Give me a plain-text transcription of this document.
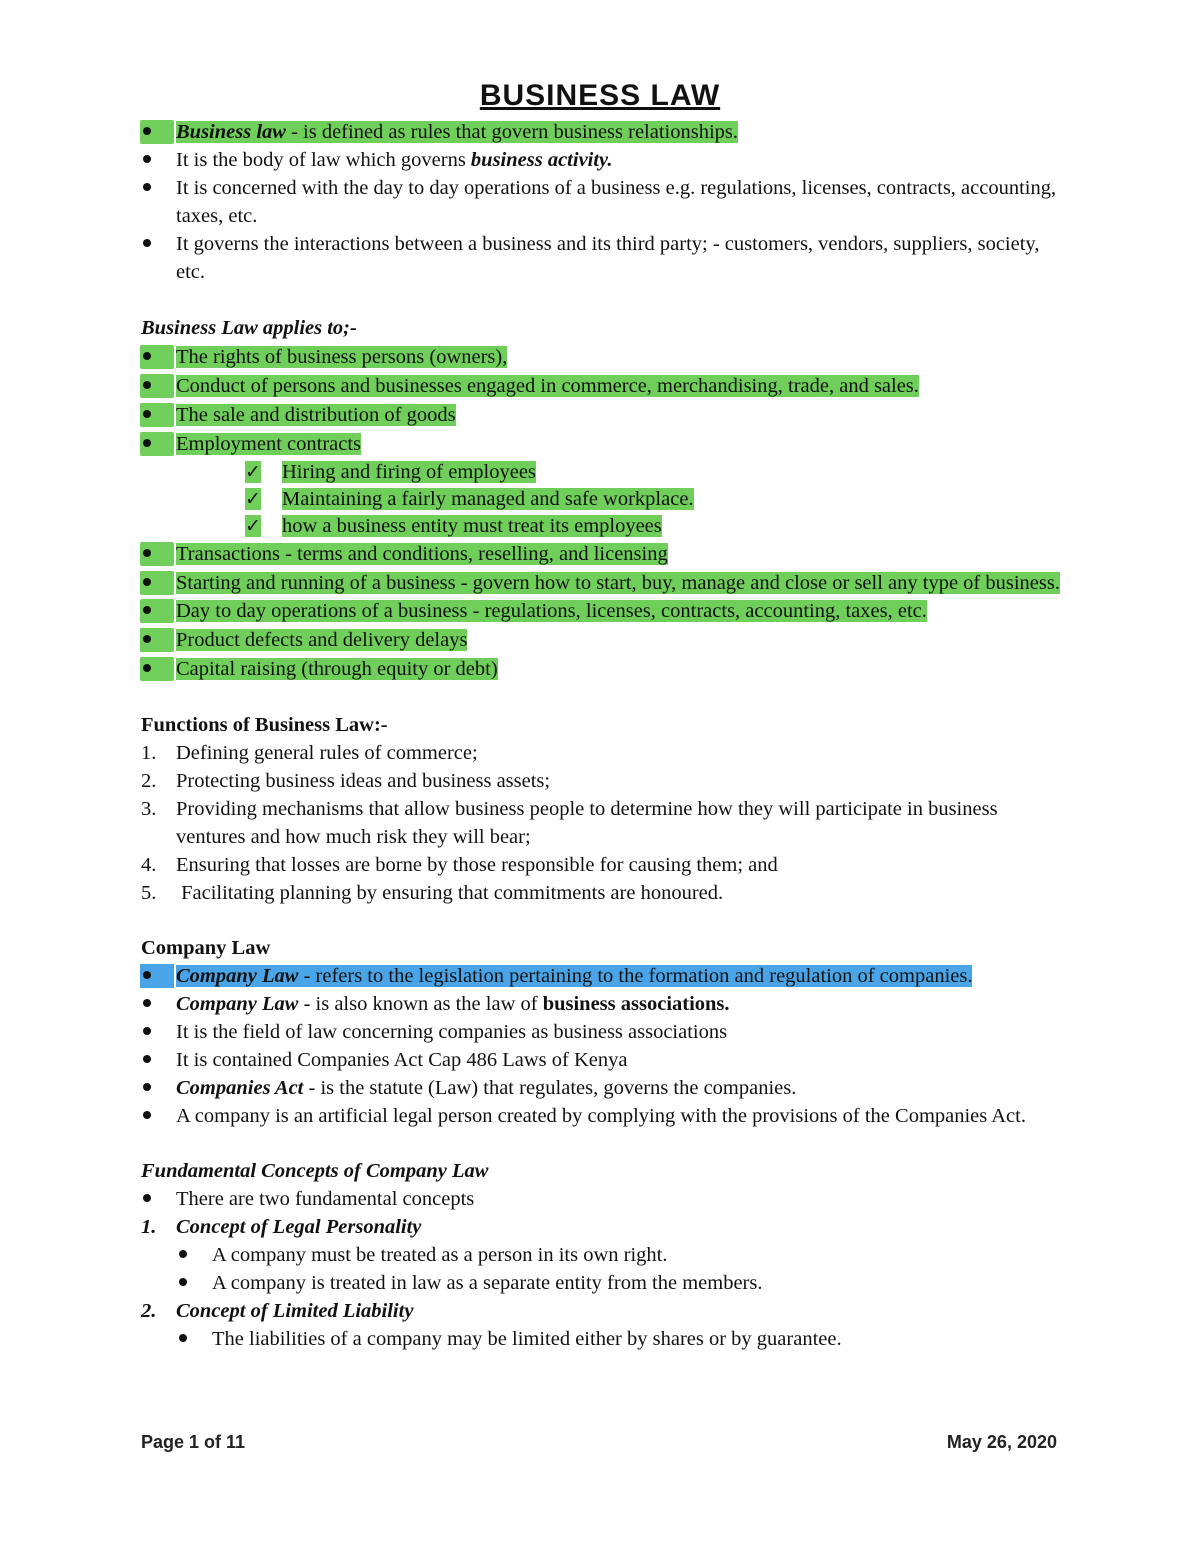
BUSINESS LAW
Business law - is defined as rules that govern business relationships.
It is the body of law which governs business activity.
It is concerned with the day to day operations of a business e.g. regulations, licenses, contracts, accounting, taxes, etc.
It governs the interactions between a business and its third party; - customers, vendors, suppliers, society, etc.
Business Law applies to;-
The rights of business persons (owners),
Conduct of persons and businesses engaged in commerce, merchandising, trade, and sales.
The sale and distribution of goods
Employment contracts
✓	Hiring and firing of employees
✓	Maintaining a fairly managed and safe workplace.
✓	how a business entity must treat its employees
Transactions - terms and conditions, reselling, and licensing
Starting and running of a business - govern how to start, buy, manage and close or sell any type of business.
Day to day operations of a business - regulations, licenses, contracts, accounting, taxes, etc.
Product defects and delivery delays
Capital raising (through equity or debt)
Functions of Business Law:-
1. Defining general rules of commerce;
2. Protecting business ideas and business assets;
3. Providing mechanisms that allow business people to determine how they will participate in business ventures and how much risk they will bear;
4. Ensuring that losses are borne by those responsible for causing them; and
5. Facilitating planning by ensuring that commitments are honoured.
Company Law
Company Law - refers to the legislation pertaining to the formation and regulation of companies.
Company Law - is also known as the law of business associations.
It is the field of law concerning companies as business associations
It is contained Companies Act Cap 486 Laws of Kenya
Companies Act - is the statute (Law) that regulates, governs the companies.
A company is an artificial legal person created by complying with the provisions of the Companies Act.
Fundamental Concepts of Company Law
There are two fundamental concepts
1. Concept of Legal Personality
A company must be treated as a person in its own right.
A company is treated in law as a separate entity from the members.
2. Concept of Limited Liability
The liabilities of a company may be limited either by shares or by guarantee.
Page 1 of 11	May 26, 2020
